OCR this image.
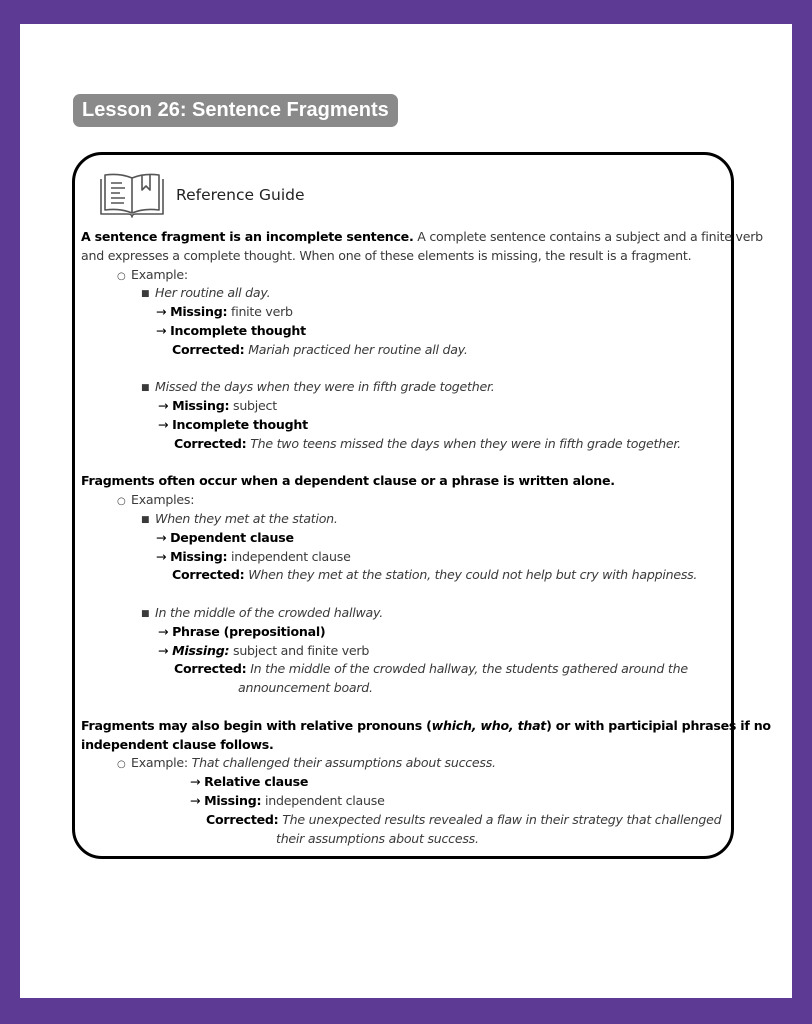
Lesson 26: Sentence Fragments
Reference Guide
A sentence fragment is an incomplete sentence. A complete sentence contains a subject and a finite verb
and expresses a complete thought. When one of these elements is missing, the result is a fragment.
○ Example:
■ Her routine all day.
→ Missing: finite verb
→ Incomplete thought
Corrected: Mariah practiced her routine all day.
■ Missed the days when they were in fifth grade together.
→ Missing: subject
→ Incomplete thought
Corrected: The two teens missed the days when they were in fifth grade together.
Fragments often occur when a dependent clause or a phrase is written alone.
○ Examples:
■ When they met at the station.
→ Dependent clause
→ Missing: independent clause
Corrected: When they met at the station, they could not help but cry with happiness.
■ In the middle of the crowded hallway.
→ Phrase (prepositional)
→ Missing: subject and finite verb
Corrected: In the middle of the crowded hallway, the students gathered around the
announcement board.
Fragments may also begin with relative pronouns (which, who, that) or with participial phrases if no
independent clause follows.
○ Example: That challenged their assumptions about success.
→ Relative clause
→ Missing: independent clause
Corrected: The unexpected results revealed a flaw in their strategy that challenged
their assumptions about success.
